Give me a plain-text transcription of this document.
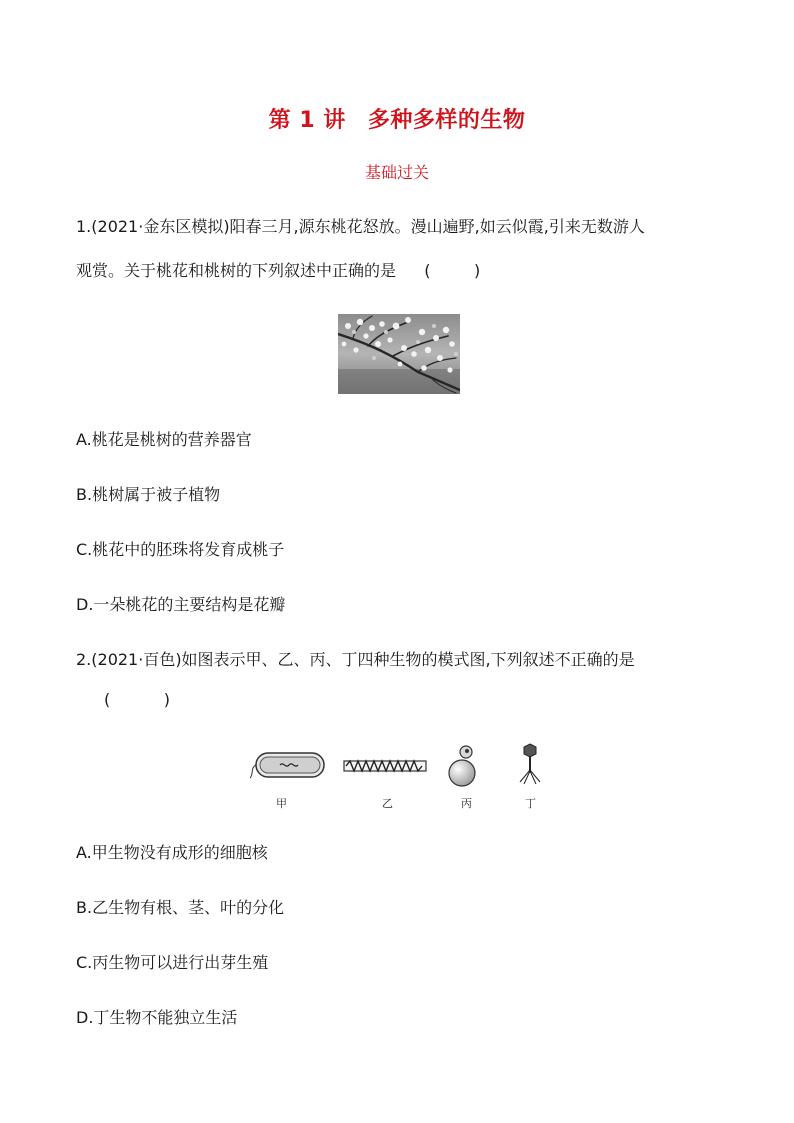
第 1 讲 多种多样的生物
基础过关
1.(2021·金东区模拟)阳春三月,源东桃花怒放。漫山遍野,如云似霞,引来无数游人
观赏。关于桃花和桃树的下列叙述中正确的是 (
	)
A.桃花是桃树的营养器官
B.桃树属于被子植物
C.桃花中的胚珠将发育成桃子
D.一朵桃花的主要结构是花瓣
2.(2021·百色)如图表示甲、乙、丙、丁四种生物的模式图,下列叙述不正确的是
(
	)
甲	乙	丙	丁
A.甲生物没有成形的细胞核
B.乙生物有根、茎、叶的分化
C.丙生物可以进行出芽生殖
D.丁生物不能独立生活
